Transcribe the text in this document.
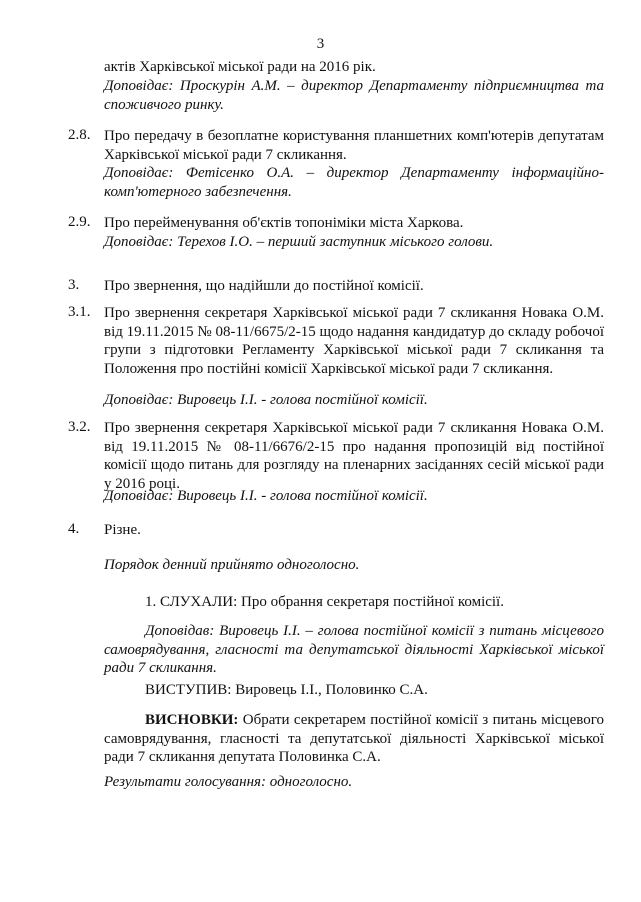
3
актів Харківської міської ради на 2016 рік.
Доповідає: Проскурін А.М. – директор Департаменту підприємництва та споживчого ринку.
2.8. Про передачу в безоплатне користування планшетних комп'ютерів депутатам Харківської міської ради 7 скликання.
Доповідає: Фетісенко О.А. – директор Департаменту інформаційно-комп'ютерного забезпечення.
2.9. Про перейменування об'єктів топоніміки міста Харкова.
Доповідає: Терехов І.О. – перший заступник міського голови.
3. Про звернення, що надійшли до постійної комісії.
3.1. Про звернення секретаря Харківської міської ради 7 скликання Новака О.М. від 19.11.2015 № 08-11/6675/2-15 щодо надання кандидатур до складу робочої групи з підготовки Регламенту Харківської міської ради 7 скликання та Положення про постійні комісії Харківської міської ради 7 скликання.
Доповідає: Вировець І.І. - голова постійної комісії.
3.2. Про звернення секретаря Харківської міської ради 7 скликання Новака О.М. від 19.11.2015 № 08-11/6676/2-15 про надання пропозицій від постійної комісії щодо питань для розгляду на пленарних засіданнях сесій міської ради у 2016 році.
Доповідає: Вировець І.І. - голова постійної комісії.
4. Різне.
Порядок денний прийнято одноголосно.
1. СЛУХАЛИ: Про обрання секретаря постійної комісії.
Доповідав: Вировець І.І. – голова постійної комісії з питань місцевого самоврядування, гласності та депутатської діяльності Харківської міської ради 7 скликання.
ВИСТУПИВ: Вировець І.І., Половинко С.А.
ВИСНОВКИ: Обрати секретарем постійної комісії з питань місцевого самоврядування, гласності та депутатської діяльності Харківської міської ради 7 скликання депутата Половинка С.А.
Результати голосування: одноголосно.
